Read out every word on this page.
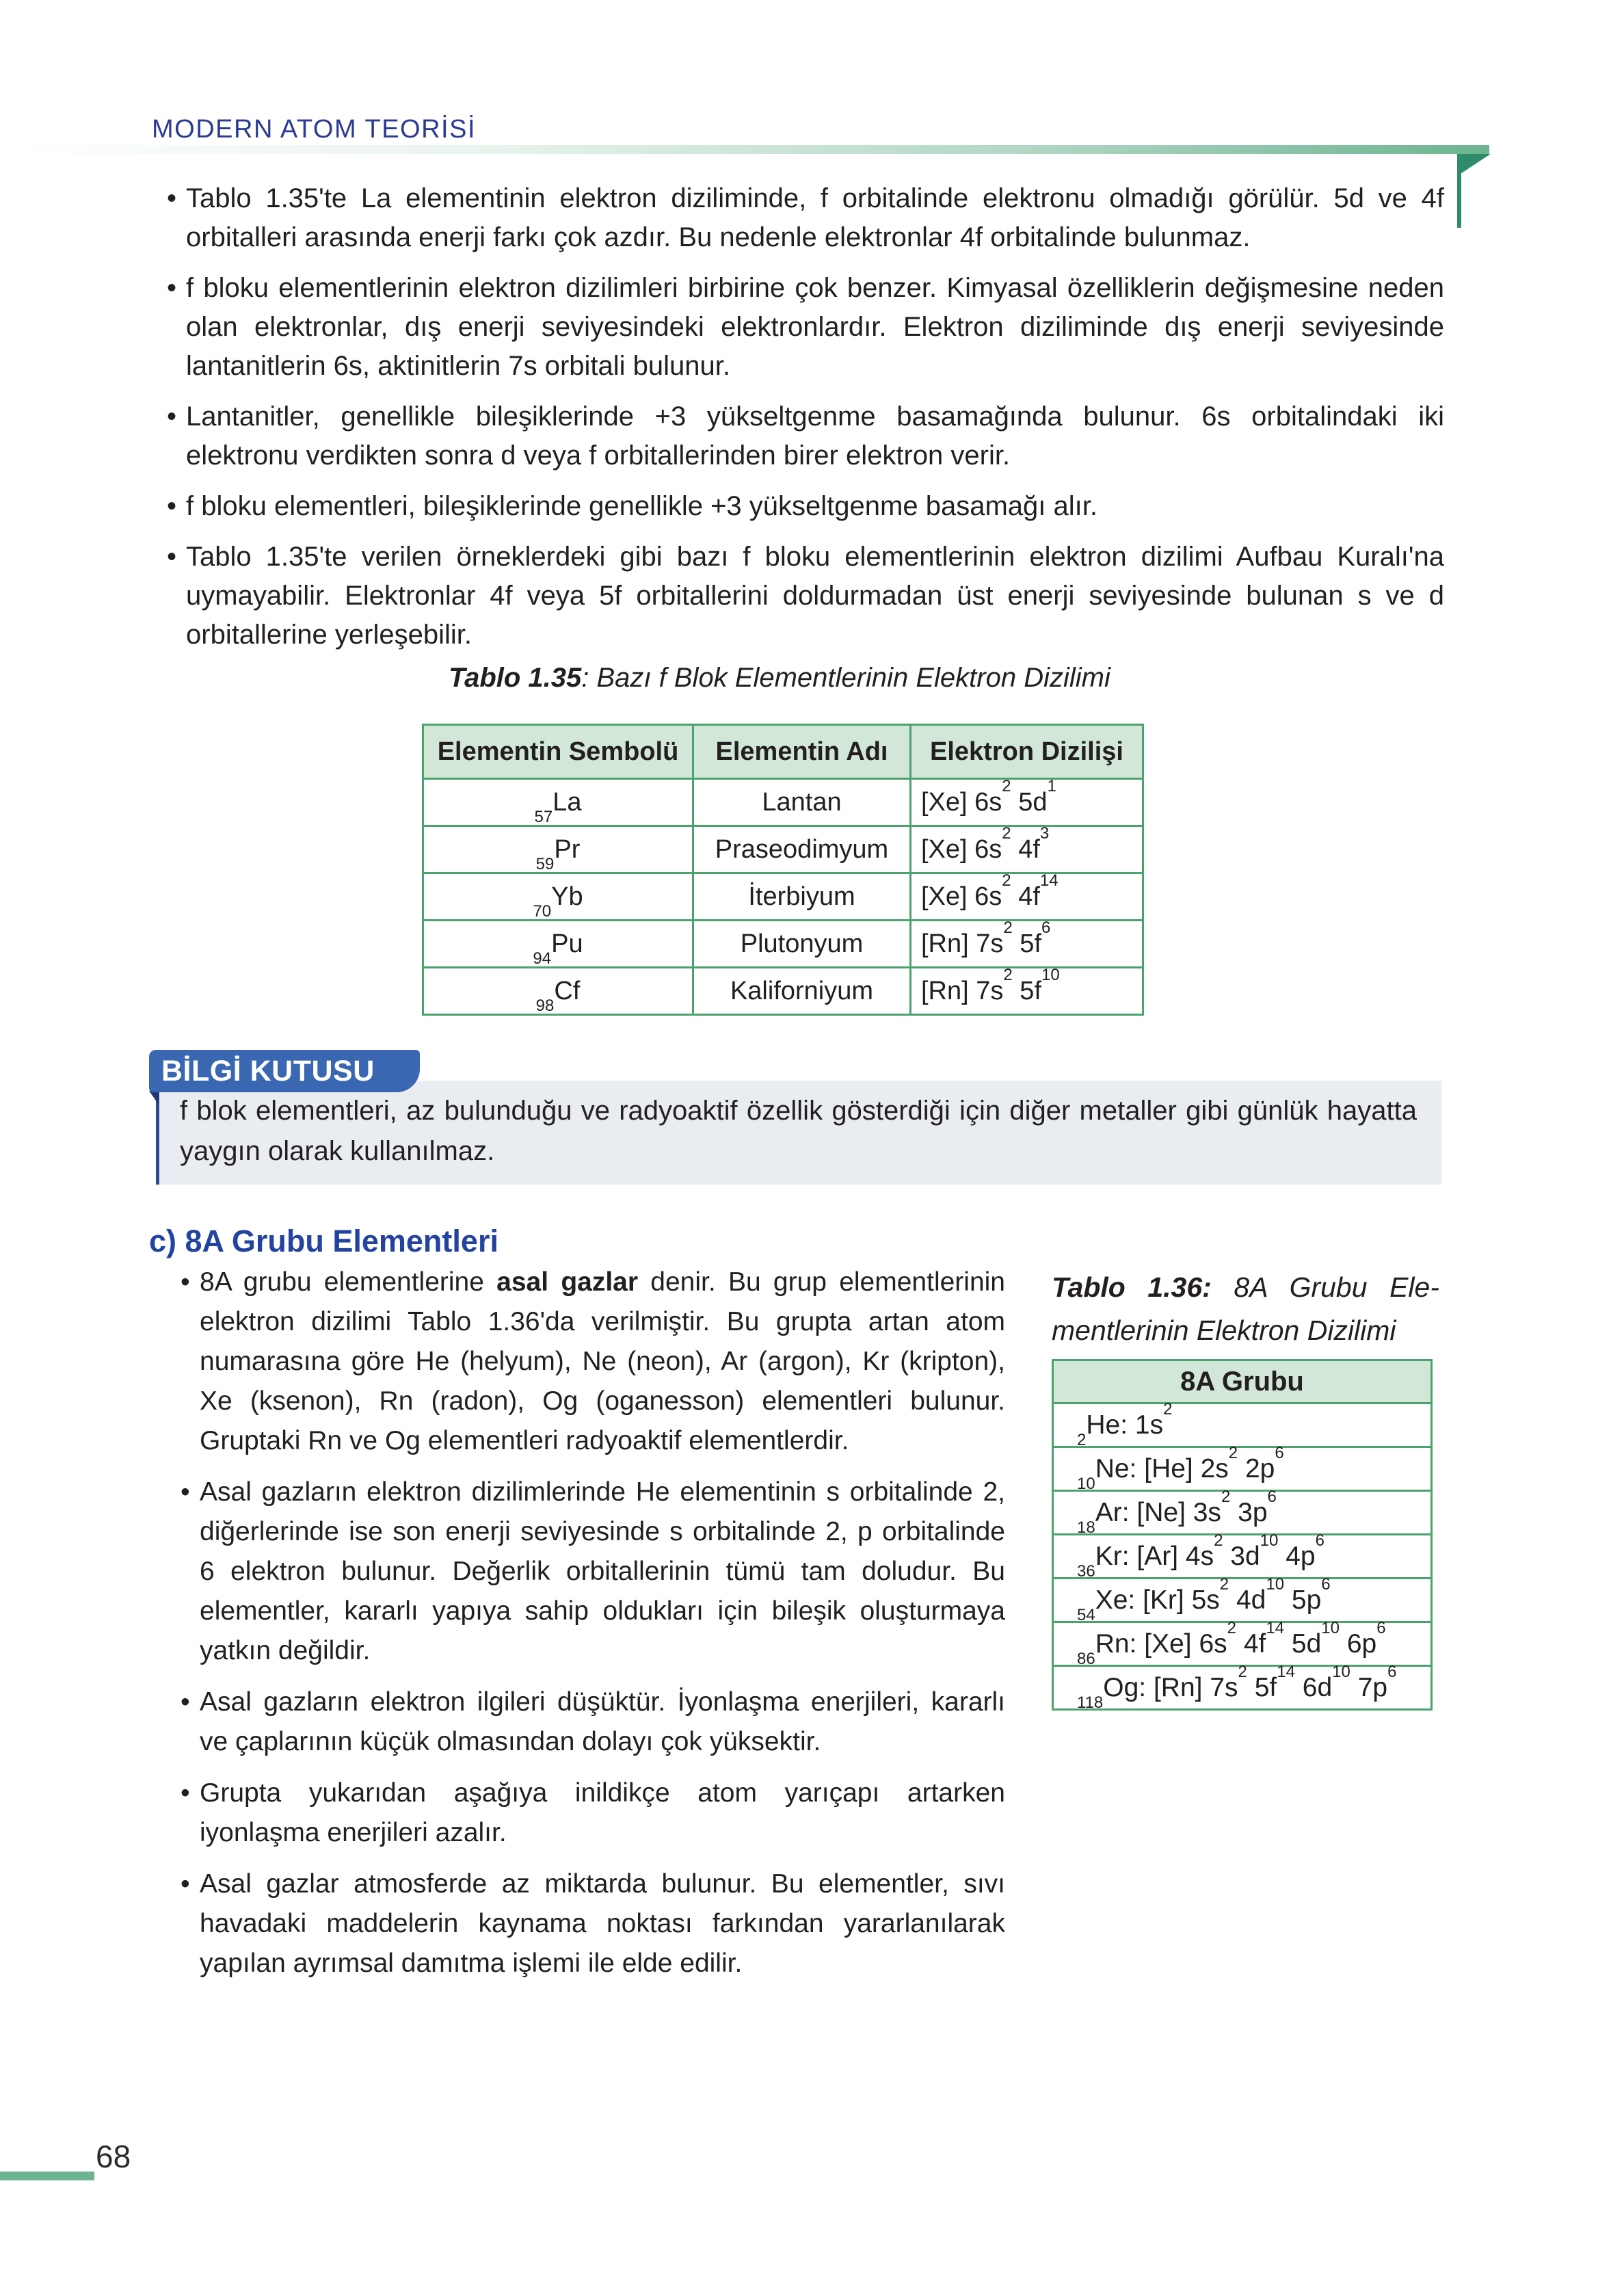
MODERN ATOM TEORİSİ

• Tablo 1.35'te La elementinin elektron diziliminde, f orbitalinde elektronu olmadığı görülür. 5d ve 4f orbitalleri arasında enerji farkı çok azdır. Bu nedenle elektronlar 4f orbitalinde bulunmaz.

• f bloku elementlerinin elektron dizilimleri birbirine çok benzer. Kimyasal özelliklerin değişmesine neden olan elektronlar, dış enerji seviyesindeki elektronlardır. Elektron diziliminde dış enerji seviyesinde lantanitlerin 6s, aktinitlerin 7s orbitali bulunur.

• Lantanitler, genellikle bileşiklerinde +3 yükseltgenme basamağında bulunur. 6s orbitalindaki iki elektronu verdikten sonra d veya f orbitallerinden birer elektron verir.

• f bloku elementleri, bileşiklerinde genellikle +3 yükseltgenme basamağı alır.

• Tablo 1.35'te verilen örneklerdeki gibi bazı f bloku elementlerinin elektron dizilimi Aufbau Kuralı'na uymayabilir. Elektronlar 4f veya 5f orbitallerini doldurmadan üst enerji seviyesinde bulunan s ve d orbitallerine yerleşebilir.

Tablo 1.35: Bazı f Blok Elementlerinin Elektron Dizilimi
Elementin Sembolü	Elementin Adı	Elektron Dizilişi
$_{57}$La	Lantan	[Xe] $6s^2$ $5d^1$
$_{59}$Pr	Praseodimyum	[Xe] $6s^2$ $4f^3$
$_{70}$Yb	İterbiyum	[Xe] $6s^2$ $4f^{14}$
$_{94}$Pu	Plutonyum	[Rn] $7s^2$ $5f^6$
$_{98}$Cf	Kaliforniyum	[Rn] $7s^2$ $5f^{10}$
f blok elementleri, az bulunduğu ve radyoaktif özellik gösterdiği için diğer metaller gibi günlük hayatta yaygın olarak kullanılmaz.
BİLGİ KUTUSU
c) 8A Grubu Elementleri

• 8A grubu elementlerine asal gazlar denir. Bu grup elementlerinin elektron dizilimi Tablo 1.36'da verilmiştir. Bu grupta artan atom numarasına göre He (helyum), Ne (neon), Ar (argon), Kr (kripton), Xe (ksenon), Rn (radon), Og (oganesson) elementleri bulunur. Gruptaki Rn ve Og elementleri radyoaktif elementlerdir.

• Asal gazların elektron dizilimlerinde He elementinin s orbitalinde 2, diğerlerinde ise son enerji seviyesinde s orbitalinde 2, p orbitalinde 6 elektron bulunur. Değerlik orbitallerinin tümü tam doludur. Bu elementler, kararlı yapıya sahip oldukları için bileşik oluşturmaya yatkın değildir.

• Asal gazların elektron ilgileri düşüktür. İyonlaşma enerjileri, kararlı ve çaplarının küçük olmasından dolayı çok yüksektir.

• Grupta yukarıdan aşağıya inildikçe atom yarıçapı artarken iyonlaşma enerjileri azalır.

• Asal gazlar atmosferde az miktarda bulunur. Bu elementler, sıvı havadaki maddelerin kaynama noktası farkından yararlanılarak yapılan ayrımsal damıtma işlemi ile elde edilir.

Tablo 1.36: 8A Grubu Ele-
mentlerinin Elektron Dizilimi
8A Grubu
$_2$He: $1s^2$
$_{10}$Ne: [He] $2s^2$ $2p^6$
$_{18}$Ar: [Ne] $3s^2$ $3p^6$
$_{36}$Kr: [Ar] $4s^2$ $3d^{10}$ $4p^6$
$_{54}$Xe: [Kr] $5s^2$ $4d^{10}$ $5p^6$
$_{86}$Rn: [Xe] $6s^2$ $4f^{14}$ $5d^{10}$ $6p^6$
$_{118}$Og: [Rn] $7s^2$ $5f^{14}$ $6d^{10}$ $7p^6$
68
